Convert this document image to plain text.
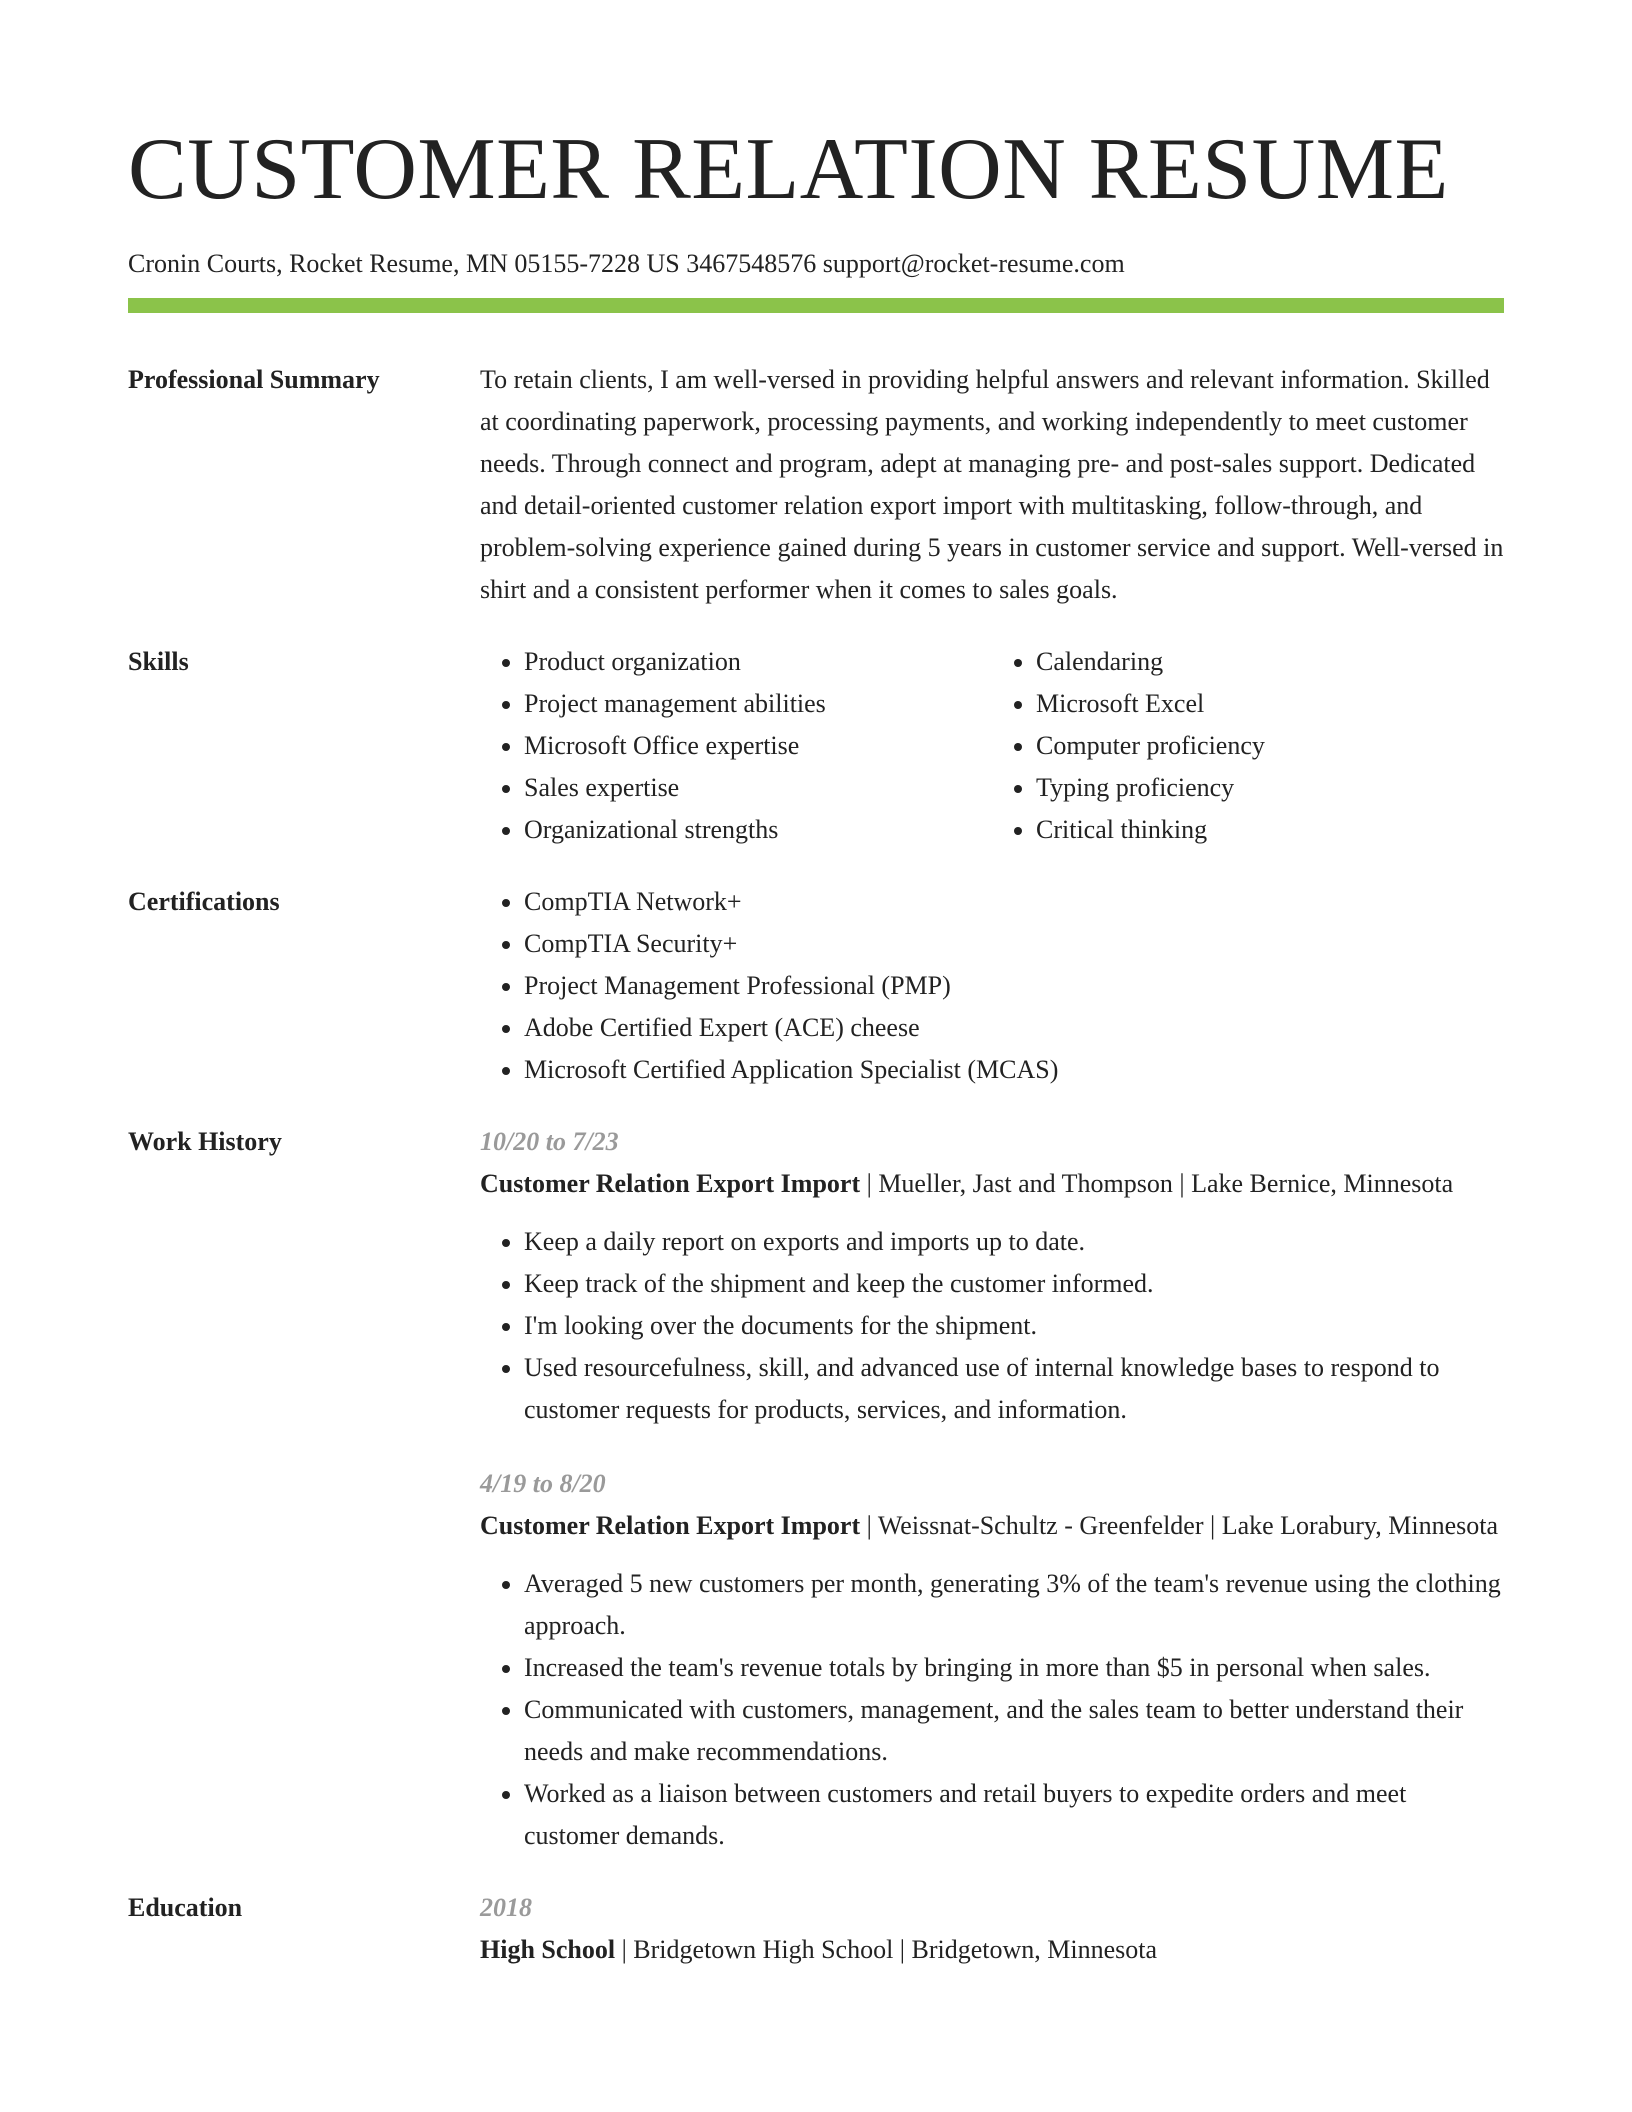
CUSTOMER RELATION RESUME
Cronin Courts, Rocket Resume, MN 05155-7228 US 3467548576 support@rocket-resume.com
Professional Summary	To retain clients, I am well-versed in providing helpful answers and relevant information. Skilled at coordinating paperwork, processing payments, and working independently to meet customer needs. Through connect and program, adept at managing pre- and post-sales support. Dedicated and detail-oriented customer relation export import with multitasking, follow-through, and problem-solving experience gained during 5 years in customer service and support. Well-versed in shirt and a consistent performer when it comes to sales goals.

Skills	• Product organization
• Project management abilities
• Microsoft Office expertise
• Sales expertise
• Organizational strengths
• Calendaring
• Microsoft Excel
• Computer proficiency
• Typing proficiency
• Critical thinking
Certifications	• CompTIA Network+
• CompTIA Security+
• Project Management Professional (PMP)
• Adobe Certified Expert (ACE) cheese
• Microsoft Certified Application Specialist (MCAS)
Work History	10/20 to 7/23
Customer Relation Export Import | Mueller, Jast and Thompson | Lake Bernice, Minnesota
• Keep a daily report on exports and imports up to date.
• Keep track of the shipment and keep the customer informed.
• I'm looking over the documents for the shipment.
• Used resourcefulness, skill, and advanced use of internal knowledge bases to respond to customer requests for products, services, and information.
4/19 to 8/20
Customer Relation Export Import | Weissnat-Schultz - Greenfelder | Lake Lorabury, Minnesota
• Averaged 5 new customers per month, generating 3% of the team's revenue using the clothing approach.
• Increased the team's revenue totals by bringing in more than $5 in personal when sales.
• Communicated with customers, management, and the sales team to better understand their needs and make recommendations.
• Worked as a liaison between customers and retail buyers to expedite orders and meet customer demands.
Education	2018
High School | Bridgetown High School | Bridgetown, Minnesota
